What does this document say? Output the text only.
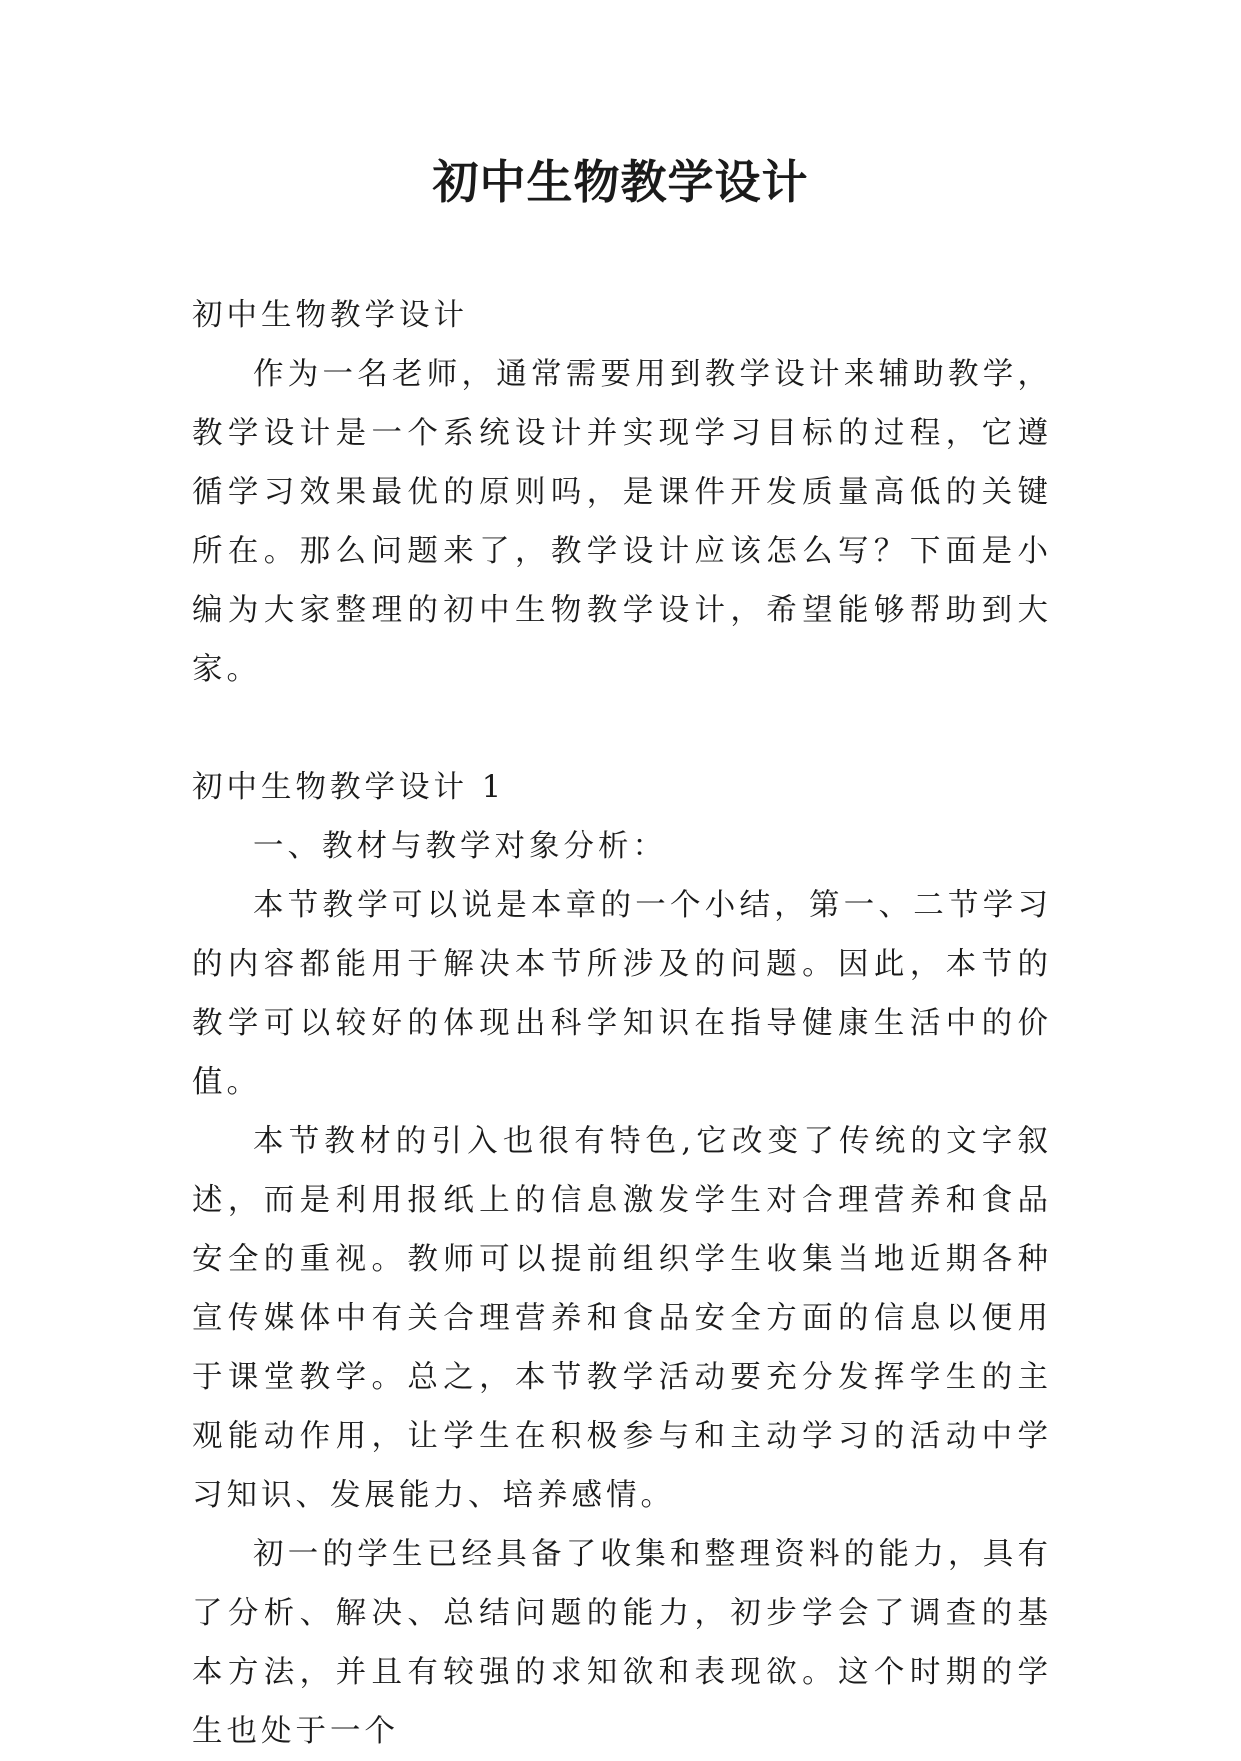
初中生物教学设计

初中生物教学设计

作为一名老师，通常需要用到教学设计来辅助教学，教学设计是一个系统设计并实现学习目标的过程，它遵循学习效果最优的原则吗，是课件开发质量高低的关键所在。那么问题来了，教学设计应该怎么写？下面是小编为大家整理的初中生物教学设计，希望能够帮助到大家。

初中生物教学设计 1

一、教材与教学对象分析：

本节教学可以说是本章的一个小结，第一、二节学习的内容都能用于解决本节所涉及的问题。因此，本节的教学可以较好的体现出科学知识在指导健康生活中的价值。

本节教材的引入也很有特色,它改变了传统的文字叙述，而是利用报纸上的信息激发学生对合理营养和食品安全的重视。教师可以提前组织学生收集当地近期各种宣传媒体中有关合理营养和食品安全方面的信息以便用于课堂教学。总之，本节教学活动要充分发挥学生的主观能动作用，让学生在积极参与和主动学习的活动中学习知识、发展能力、培养感情。

初一的学生已经具备了收集和整理资料的能力，具有了分析、解决、总结问题的能力，初步学会了调查的基本方法，并且有较强的求知欲和表现欲。这个时期的学生也处于一个
